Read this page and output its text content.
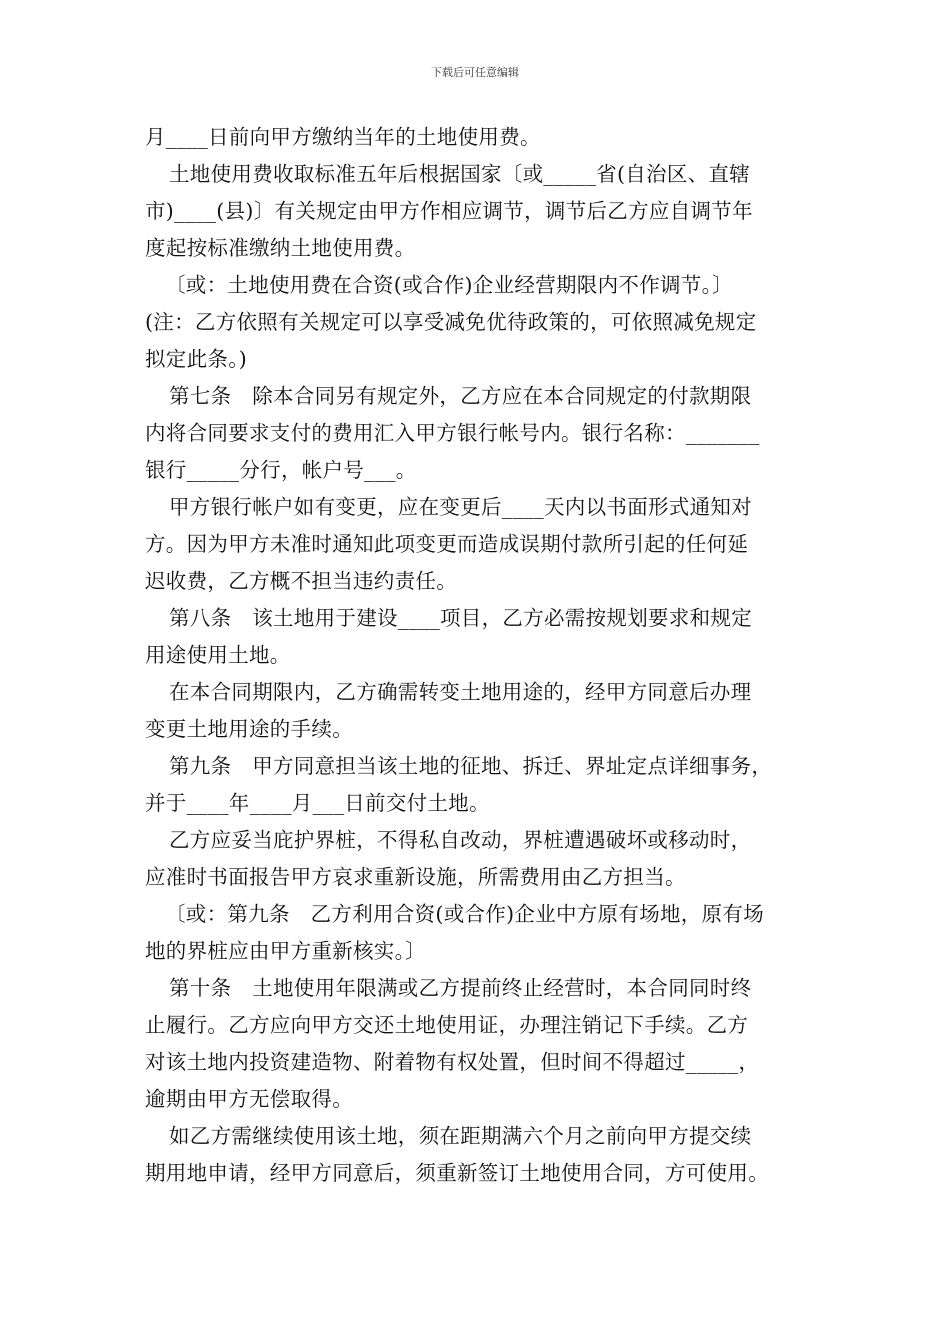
下载后可任意编辑
月____日前向甲方缴纳当年的土地使用费。
土地使用费收取标准五年后根据国家〔或_____省(自治区、直辖
市)____(县)〕有关规定由甲方作相应调节，调节后乙方应自调节年
度起按标准缴纳土地使用费。
〔或：土地使用费在合资(或合作)企业经营期限内不作调节。〕
(注：乙方依照有关规定可以享受减免优待政策的，可依照减免规定
拟定此条。)
第七条　除本合同另有规定外，乙方应在本合同规定的付款期限
内将合同要求支付的费用汇入甲方银行帐号内。银行名称：_______
银行_____分行，帐户号___。
甲方银行帐户如有变更，应在变更后____天内以书面形式通知对
方。因为甲方未准时通知此项变更而造成误期付款所引起的任何延
迟收费，乙方概不担当违约责任。
第八条　该土地用于建设____项目，乙方必需按规划要求和规定
用途使用土地。
在本合同期限内，乙方确需转变土地用途的，经甲方同意后办理
变更土地用途的手续。
第九条　甲方同意担当该土地的征地、拆迁、界址定点详细事务，
并于____年____月___日前交付土地。
乙方应妥当庇护界桩，不得私自改动，界桩遭遇破坏或移动时，
应准时书面报告甲方哀求重新设施，所需费用由乙方担当。
〔或：第九条　乙方利用合资(或合作)企业中方原有场地，原有场
地的界桩应由甲方重新核实。〕
第十条　土地使用年限满或乙方提前终止经营时，本合同同时终
止履行。乙方应向甲方交还土地使用证，办理注销记下手续。乙方
对该土地内投资建造物、附着物有权处置，但时间不得超过_____，
逾期由甲方无偿取得。
如乙方需继续使用该土地，须在距期满六个月之前向甲方提交续
期用地申请，经甲方同意后，须重新签订土地使用合同，方可使用。
